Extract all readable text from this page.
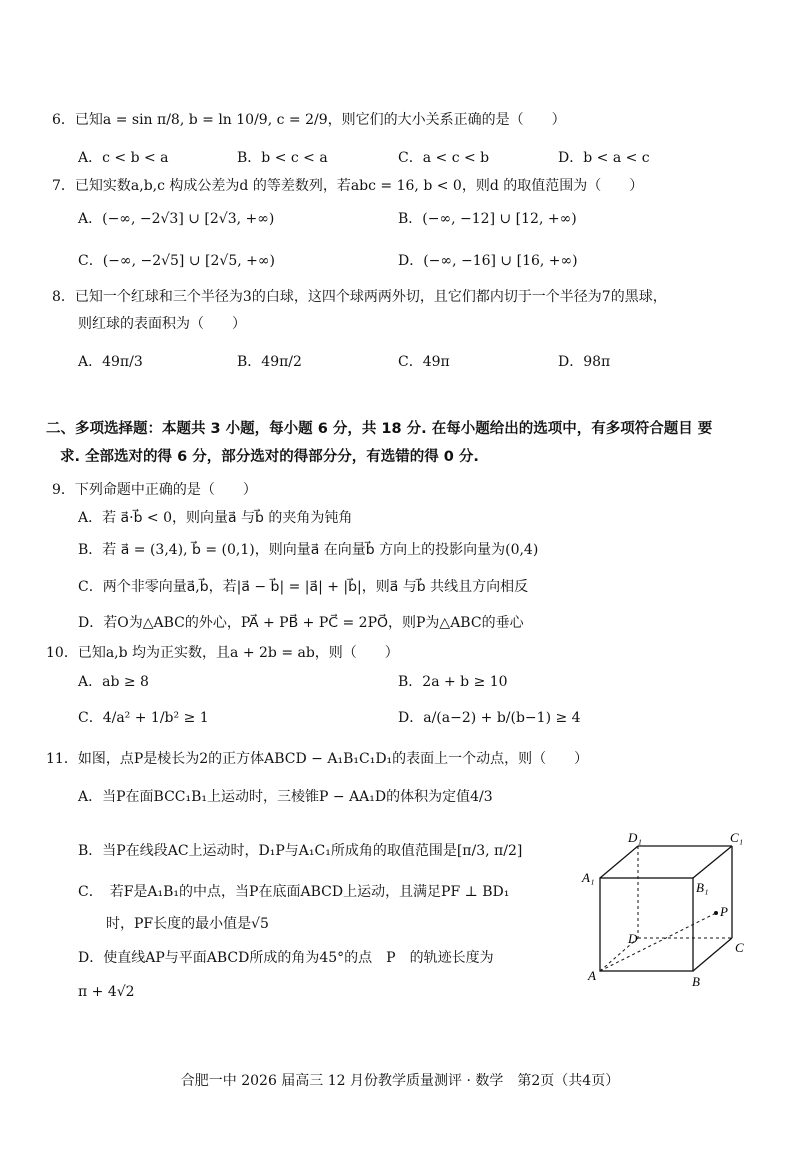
6．已知a = sin π/8, b = ln 10/9, c = 2/9，则它们的大小关系正确的是（　　）
A．c < b < a	B．b < c < a	C．a < c < b	D．b < a < c
7．已知实数a,b,c 构成公差为d 的等差数列，若abc = 16, b < 0，则d 的取值范围为（　　）
A．(−∞, −2√3] ∪ [2√3, +∞)	B．(−∞, −12] ∪ [12, +∞)
C．(−∞, −2√5] ∪ [2√5, +∞)	D．(−∞, −16] ∪ [16, +∞)
8．已知一个红球和三个半径为3的白球，这四个球两两外切，且它们都内切于一个半径为7的黑球，
则红球的表面积为（　　）
A．49π/3	B．49π/2	C．49π	D．98π
二、多项选择题：本题共 3 小题，每小题 6 分，共 18 分. 在每小题给出的选项中，有多项符合题目 要
求. 全部选对的得 6 分，部分选对的得部分分，有选错的得 0 分.
9．下列命题中正确的是（　　）
A．若 a⃗·b⃗ < 0，则向量a⃗ 与b⃗ 的夹角为钝角
B．若 a⃗ = (3,4), b⃗ = (0,1)，则向量a⃗ 在向量b⃗ 方向上的投影向量为(0,4)
C．两个非零向量a⃗,b⃗，若|a⃗ − b⃗| = |a⃗| + |b⃗|，则a⃗ 与b⃗ 共线且方向相反
D．若O为△ABC的外心，PA⃗ + PB⃗ + PC⃗ = 2PO⃗，则P为△ABC的垂心
10．已知a,b 均为正实数，且a + 2b = ab，则（　　）
A．ab ≥ 8	B．2a + b ≥ 10
C．4/a² + 1/b² ≥ 1	D．a/(a−2) + b/(b−1) ≥ 4
11．如图，点P是棱长为2的正方体ABCD − A₁B₁C₁D₁的表面上一个动点，则（　　）
A．当P在面BCC₁B₁上运动时，三棱锥P − AA₁D的体积为定值4/3
B．当P在线段AC上运动时，D₁P与A₁C₁所成角的取值范围是[π/3, π/2]
C．　若F是A₁B₁的中点，当P在底面ABCD上运动，且满足PF ⊥ BD₁
时，PF长度的最小值是√5
D．使直线AP与平面ABCD所成的角为45°的点　P　的轨迹长度为
π + 4√2
D₁	C₁
A₁
B₁
P
D
C
A	B
合肥一中 2026 届高三 12 月份教学质量测评 · 数学　第2页（共4页）
